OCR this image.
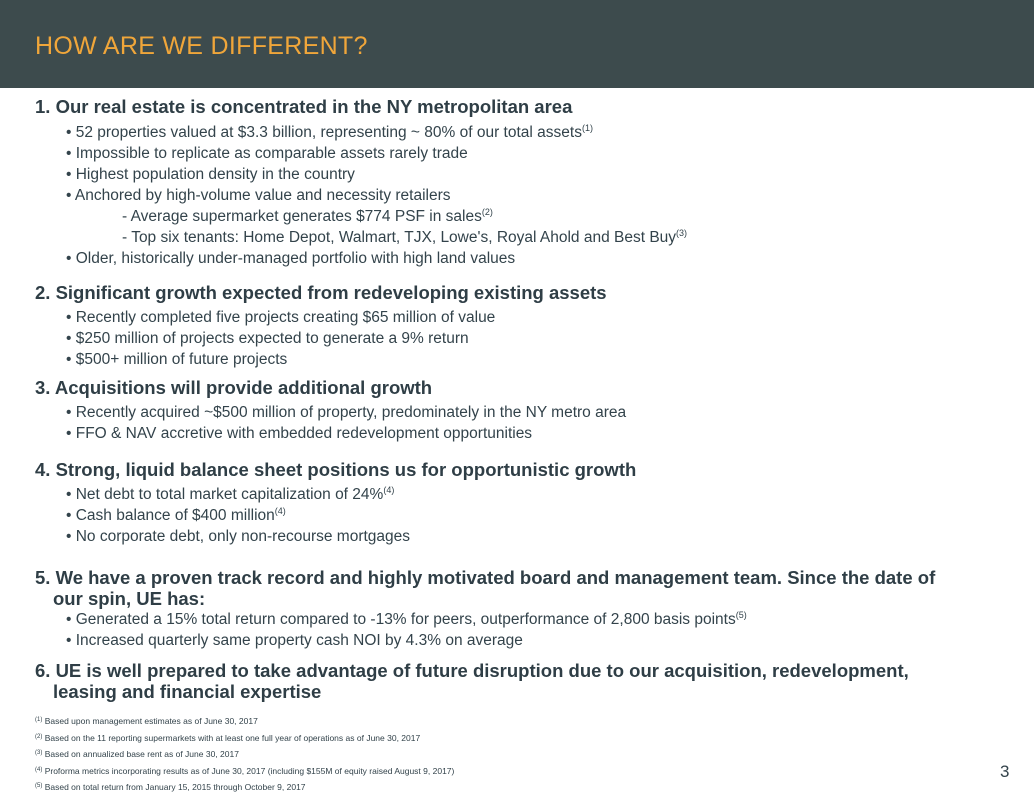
HOW ARE WE DIFFERENT?

1. Our real estate is concentrated in the NY metropolitan area

• 52 properties valued at $3.3 billion, representing ~ 80% of our total assets$^{(1)}$

• Impossible to replicate as comparable assets rarely trade

• Highest population density in the country

• Anchored by high-volume value and necessity retailers

- Average supermarket generates $774 PSF in sales$^{(2)}$

- Top six tenants: Home Depot, Walmart, TJX, Lowe's, Royal Ahold and Best Buy$^{(3)}$

• Older, historically under-managed portfolio with high land values

2. Significant growth expected from redeveloping existing assets

• Recently completed five projects creating $65 million of value

• $250 million of projects expected to generate a 9% return

• $500+ million of future projects

3. Acquisitions will provide additional growth

• Recently acquired ~$500 million of property, predominately in the NY metro area

• FFO & NAV accretive with embedded redevelopment opportunities

4. Strong, liquid balance sheet positions us for opportunistic growth

• Net debt to total market capitalization of 24%$^{(4)}$

• Cash balance of $400 million$^{(4)}$

• No corporate debt, only non-recourse mortgages

5. We have a proven track record and highly motivated board and management team. Since the date of
our spin, UE has:

• Generated a 15% total return compared to -13% for peers, outperformance of 2,800 basis points$^{(5)}$

• Increased quarterly same property cash NOI by 4.3% on average

6. UE is well prepared to take advantage of future disruption due to our acquisition, redevelopment,
leasing and financial expertise

$^{(1)}$ Based upon management estimates as of June 30, 2017

$^{(2)}$ Based on the 11 reporting supermarkets with at least one full year of operations as of June 30, 2017

$^{(3)}$ Based on annualized base rent as of June 30, 2017

$^{(4)}$ Proforma metrics incorporating results as of June 30, 2017 (including $155M of equity raised August 9, 2017)

$^{(5)}$ Based on total return from January 15, 2015 through October 9, 2017

3
